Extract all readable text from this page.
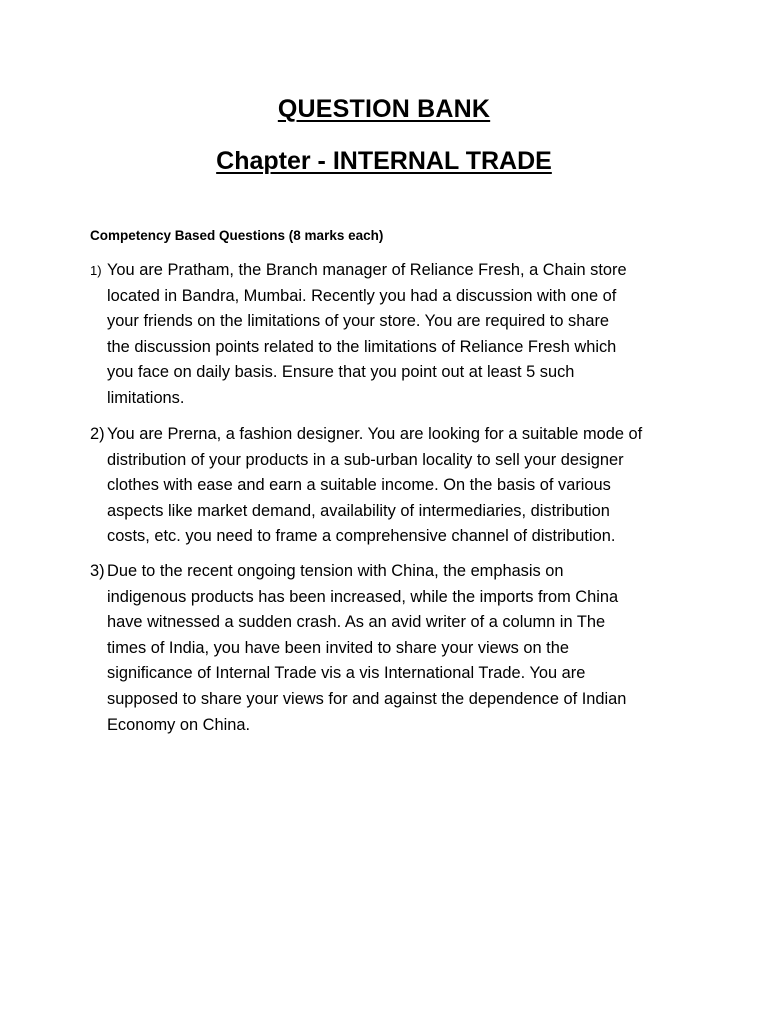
QUESTION BANK
Chapter - INTERNAL TRADE

Competency Based Questions (8 marks each)

1) You are Pratham, the Branch manager of Reliance Fresh, a Chain store
located in Bandra, Mumbai. Recently you had a discussion with one of
your friends on the limitations of your store. You are required to share
the discussion points related to the limitations of Reliance Fresh which
you face on daily basis. Ensure that you point out at least 5 such
limitations.
2) You are Prerna, a fashion designer. You are looking for a suitable mode of
distribution of your products in a sub-urban locality to sell your designer
clothes with ease and earn a suitable income. On the basis of various
aspects like market demand, availability of intermediaries, distribution
costs, etc. you need to frame a comprehensive channel of distribution.
3) Due to the recent ongoing tension with China, the emphasis on
indigenous products has been increased, while the imports from China
have witnessed a sudden crash. As an avid writer of a column in The
times of India, you have been invited to share your views on the
significance of Internal Trade vis a vis International Trade. You are
supposed to share your views for and against the dependence of Indian
Economy on China.
